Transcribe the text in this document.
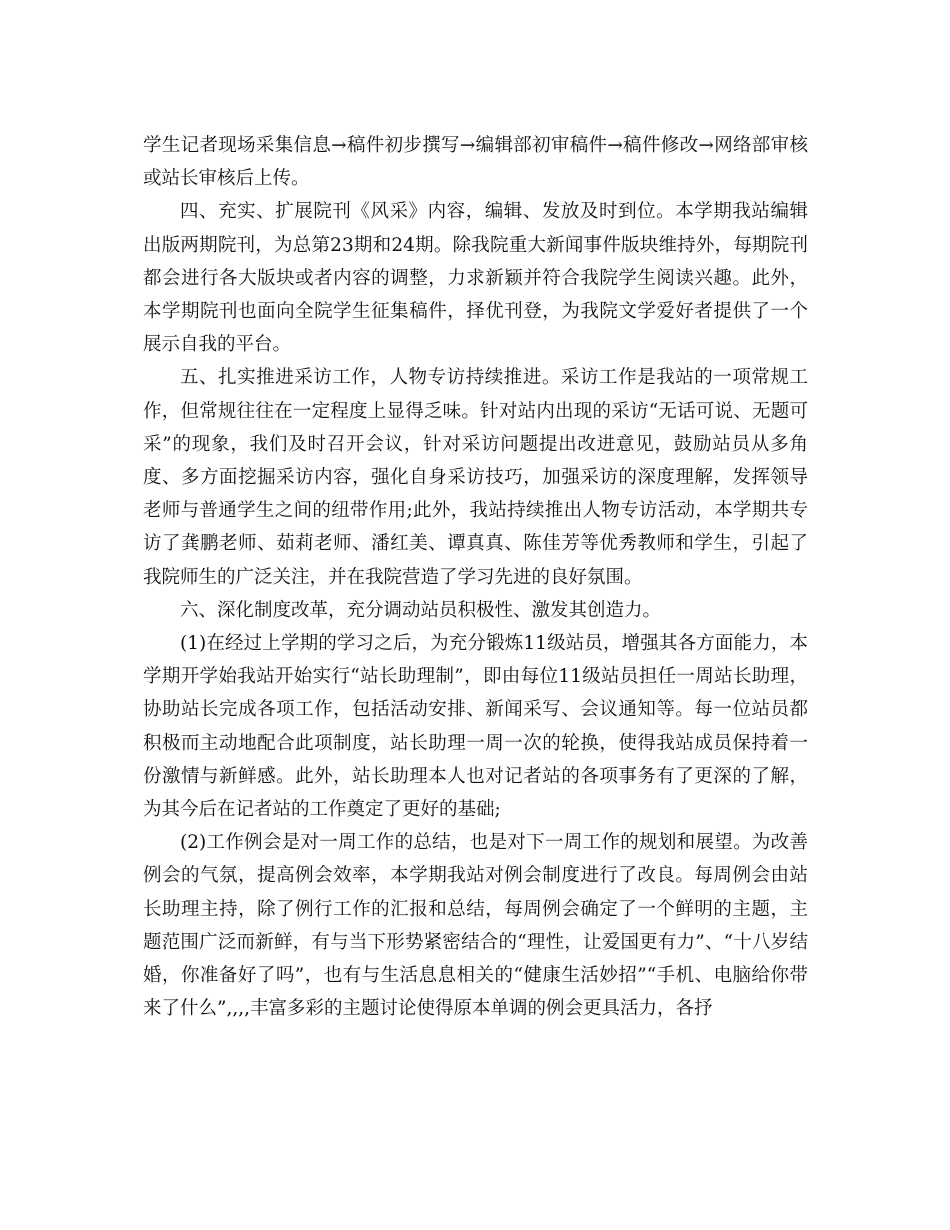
学生记者现场采集信息→稿件初步撰写→编辑部初审稿件→稿件修改→网络部审核或站长审核后上传。

四、充实、扩展院刊《风采》内容，编辑、发放及时到位。本学期我站编辑出版两期院刊，为总第23期和24期。除我院重大新闻事件版块维持外，每期院刊都会进行各大版块或者内容的调整，力求新颖并符合我院学生阅读兴趣。此外，本学期院刊也面向全院学生征集稿件，择优刊登，为我院文学爱好者提供了一个展示自我的平台。

五、扎实推进采访工作，人物专访持续推进。采访工作是我站的一项常规工作，但常规往往在一定程度上显得乏味。针对站内出现的采访“无话可说、无题可采”的现象，我们及时召开会议，针对采访问题提出改进意见，鼓励站员从多角度、多方面挖掘采访内容，强化自身采访技巧，加强采访的深度理解，发挥领导老师与普通学生之间的纽带作用;此外，我站持续推出人物专访活动，本学期共专访了龚鹏老师、茹莉老师、潘红美、谭真真、陈佳芳等优秀教师和学生，引起了我院师生的广泛关注，并在我院营造了学习先进的良好氛围。

六、深化制度改革，充分调动站员积极性、激发其创造力。

(1)在经过上学期的学习之后，为充分锻炼11级站员，增强其各方面能力，本学期开学始我站开始实行“站长助理制”，即由每位11级站员担任一周站长助理，协助站长完成各项工作，包括活动安排、新闻采写、会议通知等。每一位站员都积极而主动地配合此项制度，站长助理一周一次的轮换，使得我站成员保持着一份激情与新鲜感。此外，站长助理本人也对记者站的各项事务有了更深的了解，为其今后在记者站的工作奠定了更好的基础;

(2)工作例会是对一周工作的总结，也是对下一周工作的规划和展望。为改善例会的气氛，提高例会效率，本学期我站对例会制度进行了改良。每周例会由站长助理主持，除了例行工作的汇报和总结，每周例会确定了一个鲜明的主题，主题范围广泛而新鲜，有与当下形势紧密结合的“理性，让爱国更有力”、“十八岁结婚，你准备好了吗”，也有与生活息息相关的“健康生活妙招”“手机、电脑给你带来了什么”,,,,丰富多彩的主题讨论使得原本单调的例会更具活力，各抒
